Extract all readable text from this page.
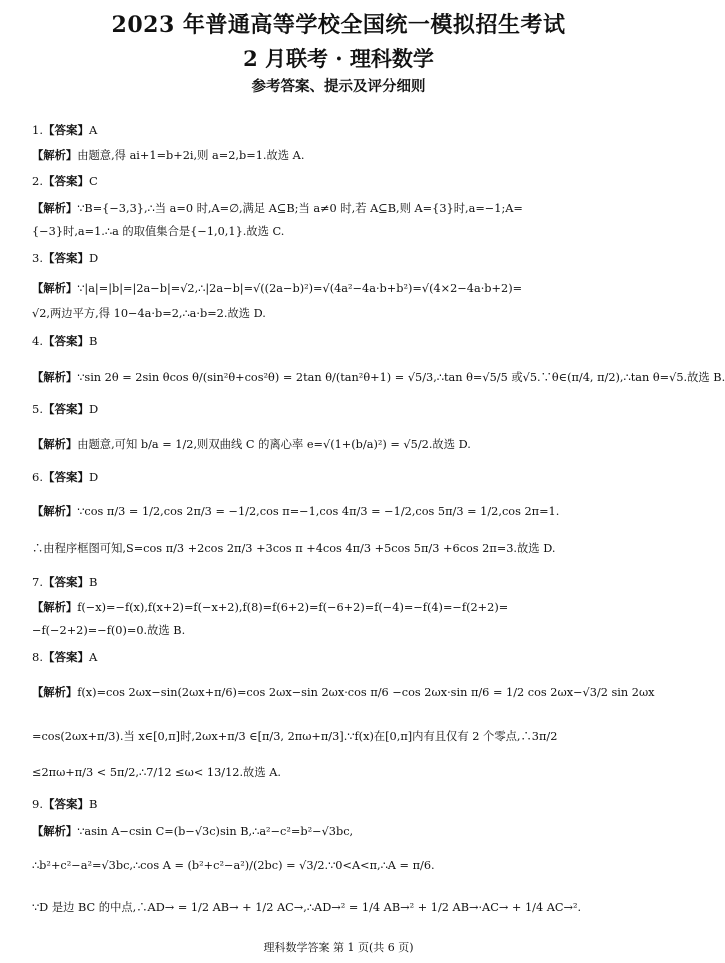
2023 年普通高等学校全国统一模拟招生考试
2 月联考 · 理科数学
参考答案、提示及评分细则
1.【答案】A
【解析】由题意,得 ai+1=b+2i,则 a=2,b=1.故选 A.
2.【答案】C
【解析】∵B={−3,3},∴当 a=0 时,A=∅,满足 A⊆B;当 a≠0 时,若 A⊆B,则 A={3}时,a=−1;A=
{−3}时,a=1.∴a 的取值集合是{−1,0,1}.故选 C.
3.【答案】D
【解析】∵|a|=|b|=|2a−b|=√2,∴|2a−b|=√((2a−b)²)=√(4a²−4a·b+b²)=√(4×2−4a·b+2)=
√2,两边平方,得 10−4a·b=2,∴a·b=2.故选 D.
4.【答案】B
【解析】∵sin 2θ = 2sin θcos θ/(sin²θ+cos²θ) = 2tan θ/(tan²θ+1) = √5/3,∴tan θ=√5/5 或√5.∵θ∈(π/4, π/2),∴tan θ=√5.故选 B.
5.【答案】D
【解析】由题意,可知 b/a = 1/2,则双曲线 C 的离心率 e=√(1+(b/a)²) = √5/2.故选 D.
6.【答案】D
【解析】∵cos π/3 = 1/2,cos 2π/3 = −1/2,cos π=−1,cos 4π/3 = −1/2,cos 5π/3 = 1/2,cos 2π=1.
∴由程序框图可知,S=cos π/3 +2cos 2π/3 +3cos π +4cos 4π/3 +5cos 5π/3 +6cos 2π=3.故选 D.
7.【答案】B
【解析】f(−x)=−f(x),f(x+2)=f(−x+2),f(8)=f(6+2)=f(−6+2)=f(−4)=−f(4)=−f(2+2)=
−f(−2+2)=−f(0)=0.故选 B.
8.【答案】A
【解析】f(x)=cos 2ωx−sin(2ωx+π/6)=cos 2ωx−sin 2ωx·cos π/6 −cos 2ωx·sin π/6 = 1/2 cos 2ωx−√3/2 sin 2ωx
=cos(2ωx+π/3).当 x∈[0,π]时,2ωx+π/3 ∈[π/3, 2πω+π/3].∵f(x)在[0,π]内有且仅有 2 个零点,∴3π/2
≤2πω+π/3 < 5π/2,∴7/12 ≤ω< 13/12.故选 A.
9.【答案】B
【解析】∵asin A−csin C=(b−√3c)sin B,∴a²−c²=b²−√3bc,
∴b²+c²−a²=√3bc,∴cos A = (b²+c²−a²)/(2bc) = √3/2.∵0<A<π,∴A = π/6.
∵D 是边 BC 的中点,∴AD→ = 1/2 AB→ + 1/2 AC→,∴AD→² = 1/4 AB→² + 1/2 AB→·AC→ + 1/4 AC→².
理科数学答案 第 1 页(共 6 页)
